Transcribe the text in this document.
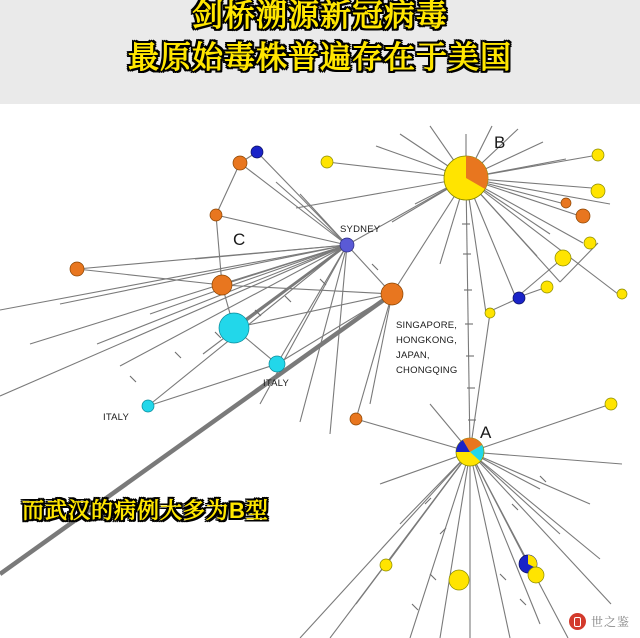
剑桥溯源新冠病毒
最原始毒株普遍存在于美国
B
A
C
SYDNEY
ITALY
ITALY
SINGAPORE,
HONGKONG,
JAPAN,
CHONGQING
而武汉的病例大多为B型
世之鉴
